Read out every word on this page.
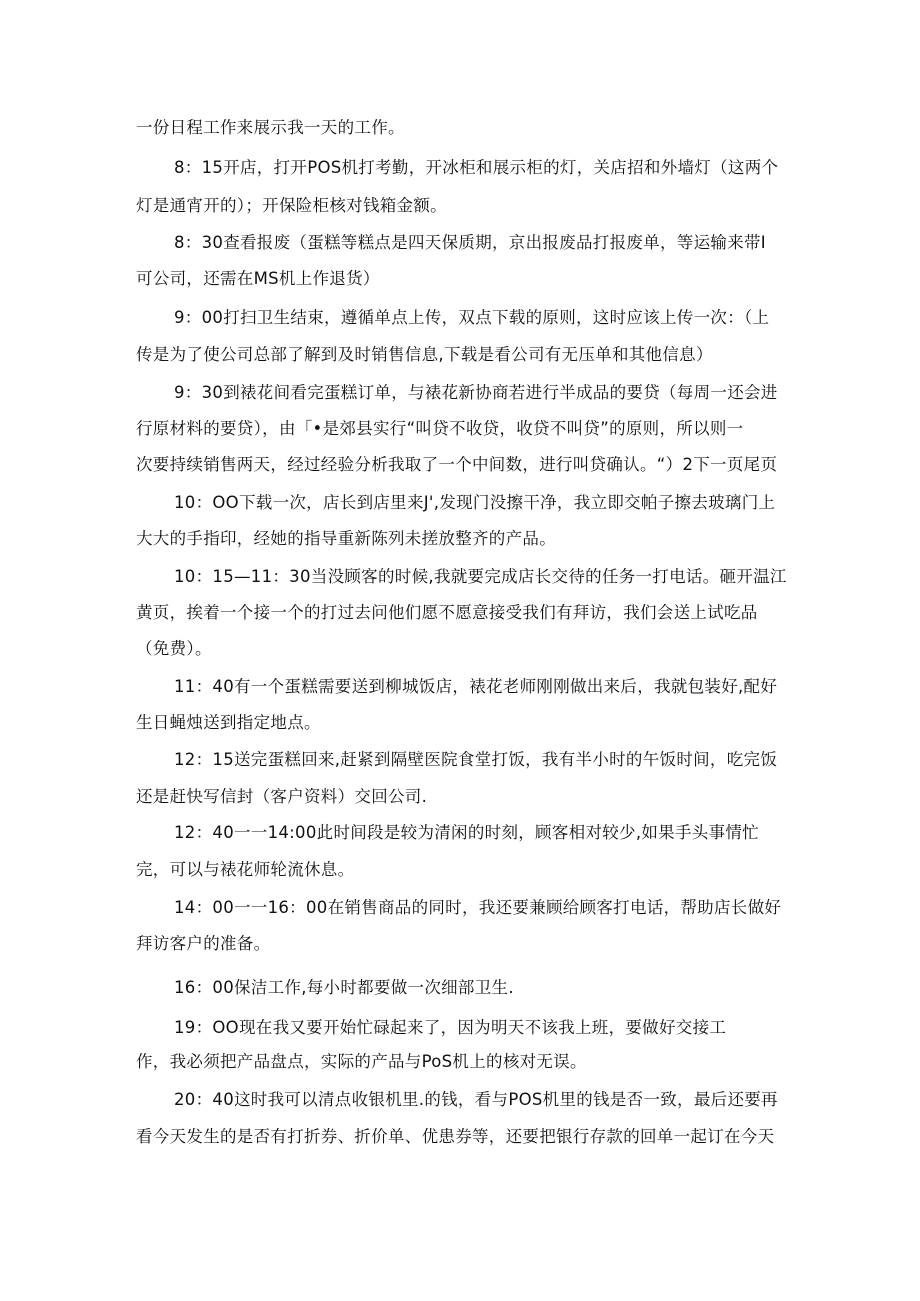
一份日程工作来展示我一天的工作。
8：15开店，打开POS机打考勤，开冰柜和展示柜的灯，关店招和外墙灯（这两个
灯是通宵开的）；开保险柜核对钱箱金额。
8：30查看报废（蛋糕等糕点是四天保质期，京出报废品打报废单，等运输来带I
可公司，还需在MS机上作退货）
9：00打扫卫生结束，遵循单点上传，双点下载的原则，这时应该上传一次：（上
传是为了使公司总部了解到及时销售信息,下载是看公司有无压单和其他信息）
9：30到裱花间看完蛋糕订单，与裱花新协商若进行半成品的要贷（每周一还会进
行原材料的要贷），由「•是郊县实行“叫贷不收贷，收贷不叫贷”的原则，所以则一
次要持续销售两天，经过经验分析我取了一个中间数，进行叫贷确认。“）2下一页尾页
10：OO下载一次，店长到店里来J',发现门没擦干净，我立即交帕子擦去玻璃门上
大大的手指印，经她的指导重新陈列未搓放整齐的产品。
10：15—11：30当没顾客的时候,我就要完成店长交待的任务一打电话。砸开温江
黄页，挨着一个接一个的打过去问他们愿不愿意接受我们有拜访，我们会送上试吃品
（免费）。
11：40有一个蛋糕需要送到柳城饭店，裱花老师刚刚做出来后，我就包装好,配好
生日蝇烛送到指定地点。
12：15送完蛋糕回来,赶紧到隔壁医院食堂打饭，我有半小时的午饭时间，吃完饭
还是赶快写信封（客户资料）交回公司.
12：40一一14:00此时间段是较为清闲的时刻，顾客相对较少,如果手头事情忙
完，可以与裱花师轮流休息。
14：00一一16：00在销售商品的同时，我还要兼顾给顾客打电话，帮助店长做好
拜访客户的准备。
16：00保洁工作,每小时都要做一次细部卫生.
19：OO现在我又要开始忙碌起来了，因为明天不该我上班，要做好交接工
作，我必须把产品盘点，实际的产品与PoS机上的核对无误。
20：40这时我可以清点收银机里.的钱，看与POS机里的钱是否一致，最后还要再
看今天发生的是否有打折券、折价单、优患券等，还要把银行存款的回单一起订在今天
